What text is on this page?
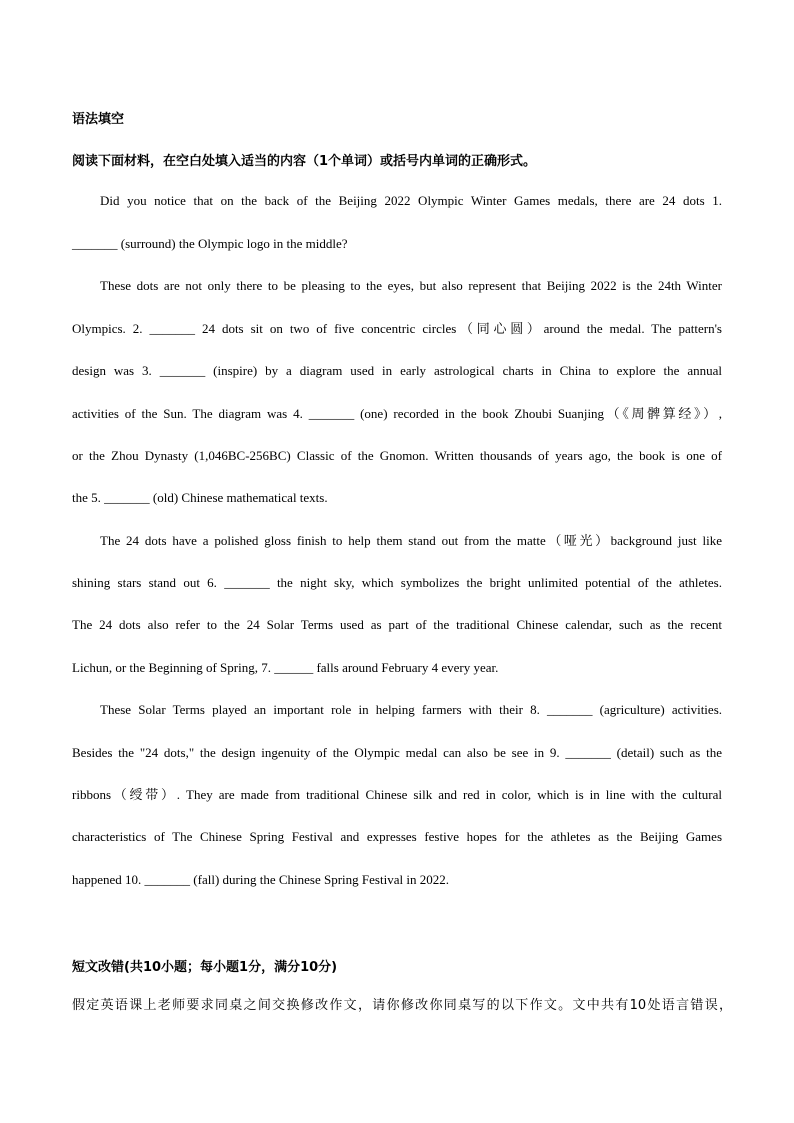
语法填空
阅读下面材料，在空白处填入适当的内容（1个单词）或括号内单词的正确形式。
Did you notice that on the back of the Beijing 2022 Olympic Winter Games medals, there are 24 dots 1.
_______ (surround) the Olympic logo in the middle?
These dots are not only there to be pleasing to the eyes, but also represent that Beijing 2022 is the 24th Winter
Olympics. 2. _______ 24 dots sit on two of five concentric circles（同心圆）around the medal. The pattern's
design was 3. _______ (inspire) by a diagram used in early astrological charts in China to explore the annual
activities of the Sun. The diagram was 4. _______ (one) recorded in the book Zhoubi Suanjing（《周髀算经》）,
or the Zhou Dynasty (1,046BC-256BC) Classic of the Gnomon. Written thousands of years ago, the book is one of
the 5. _______ (old) Chinese mathematical texts.
The 24 dots have a polished gloss finish to help them stand out from the matte（哑光）background just like
shining stars stand out 6. _______ the night sky, which symbolizes the bright unlimited potential of the athletes.
The 24 dots also refer to the 24 Solar Terms used as part of the traditional Chinese calendar, such as the recent
Lichun, or the Beginning of Spring, 7. ______ falls around February 4 every year.
These Solar Terms played an important role in helping farmers with their 8. _______ (agriculture) activities.
Besides the "24 dots," the design ingenuity of the Olympic medal can also be see in 9. _______ (detail) such as the
ribbons（绶带）. They are made from traditional Chinese silk and red in color, which is in line with the cultural
characteristics of The Chinese Spring Festival and expresses festive hopes for the athletes as the Beijing Games
happened 10. _______ (fall) during the Chinese Spring Festival in 2022.
短文改错(共10小题；每小题1分，满分10分)
假定英语课上老师要求同桌之间交换修改作文，请你修改你同桌写的以下作文。文中共有10处语言错误，
